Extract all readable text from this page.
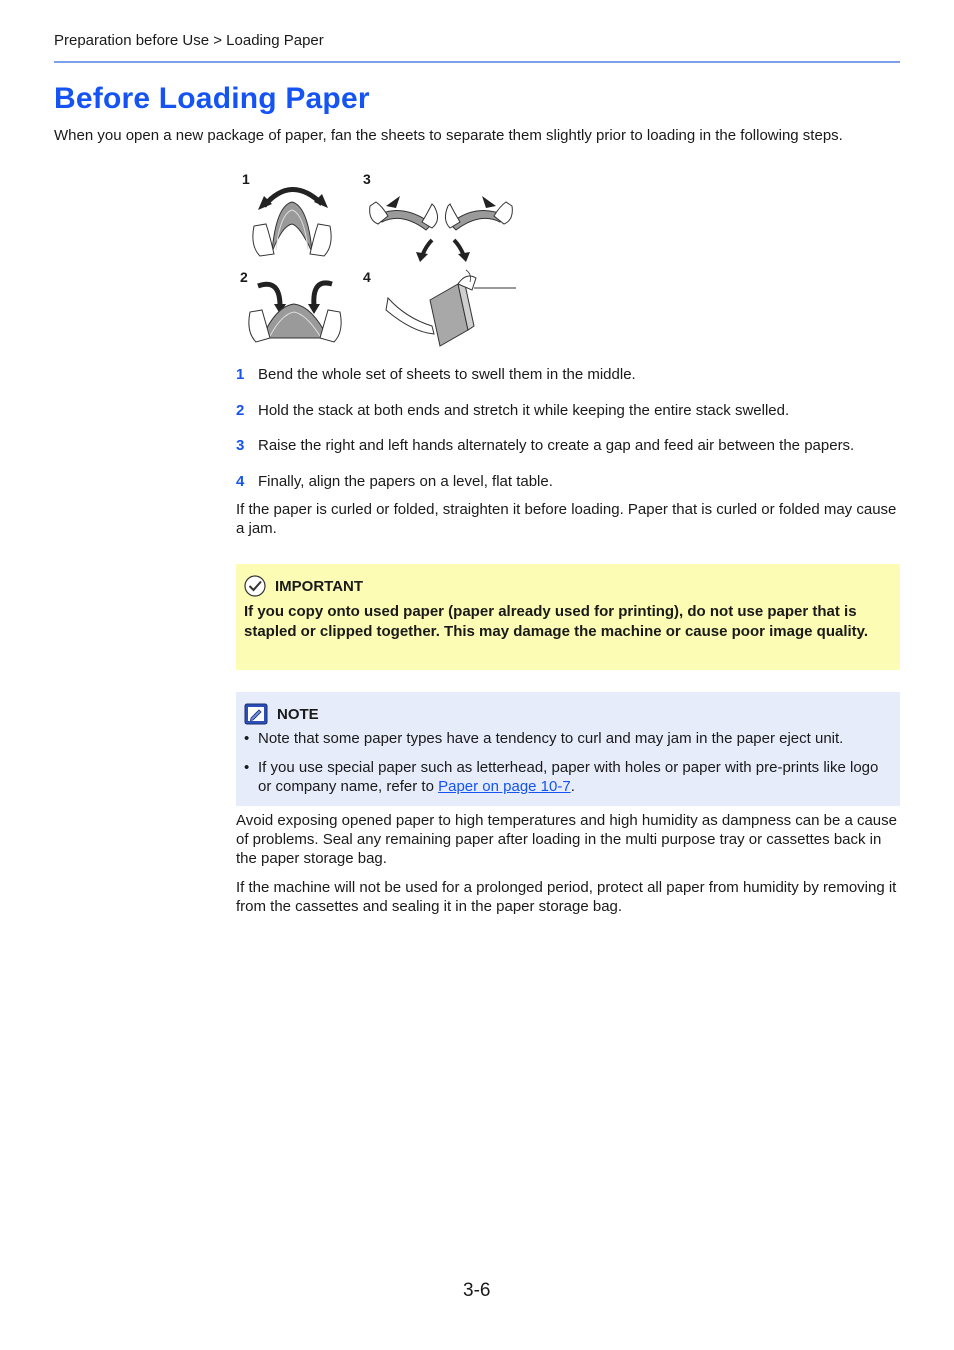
Preparation before Use > Loading Paper
Before Loading Paper
When you open a new package of paper, fan the sheets to separate them slightly prior to loading in the following steps.
1
2
3
4
1 Bend the whole set of sheets to swell them in the middle.
2 Hold the stack at both ends and stretch it while keeping the entire stack swelled.
3 Raise the right and left hands alternately to create a gap and feed air between the papers.
4 Finally, align the papers on a level, flat table.

If the paper is curled or folded, straighten it before loading. Paper that is curled or folded may cause a jam.

IMPORTANT
If you copy onto used paper (paper already used for printing), do not use paper that is stapled or clipped together. This may damage the machine or cause poor image quality.
NOTE
• Note that some paper types have a tendency to curl and may jam in the paper eject unit.
• If you use special paper such as letterhead, paper with holes or paper with pre-prints like logo or company name, refer to Paper on page 10-7.

Avoid exposing opened paper to high temperatures and high humidity as dampness can be a cause of problems. Seal any remaining paper after loading in the multi purpose tray or cassettes back in the paper storage bag.

If the machine will not be used for a prolonged period, protect all paper from humidity by removing it from the cassettes and sealing it in the paper storage bag.

3-6
